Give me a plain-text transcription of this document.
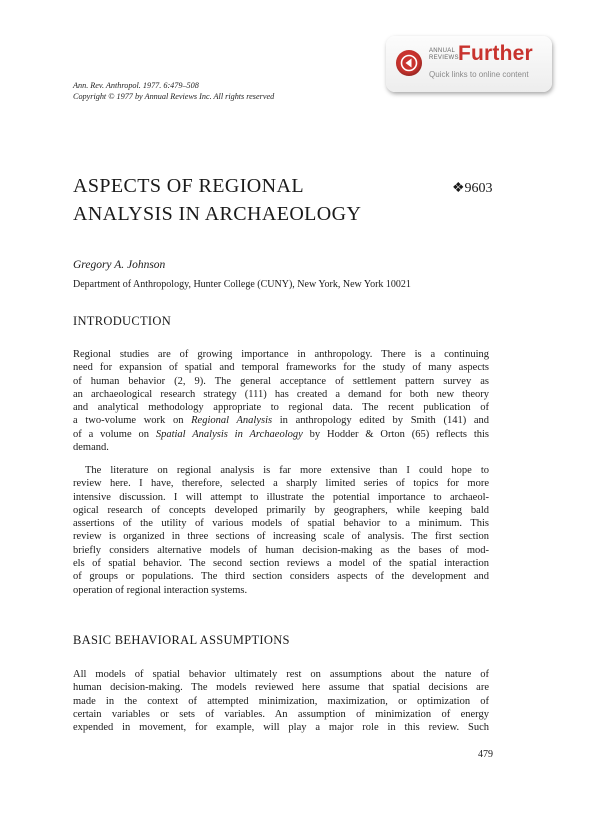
Ann. Rev. Anthropol. 1977. 6:479–508
Copyright © 1977 by Annual Reviews Inc. All rights reserved
ANNUAL
REVIEWS Further
Quick links to online content
ASPECTS OF REGIONAL
ANALYSIS IN ARCHAEOLOGY
❖9603
Gregory A. Johnson
Department of Anthropology, Hunter College (CUNY), New York, New York 10021
INTRODUCTION
Regional studies are of growing importance in anthropology. There is a continuing
need for expansion of spatial and temporal frameworks for the study of many aspects
of human behavior (2, 9). The general acceptance of settlement pattern survey as
an archaeological research strategy (111) has created a demand for both new theory
and analytical methodology appropriate to regional data. The recent publication of
a two-volume work on Regional Analysis in anthropology edited by Smith (141) and
of a volume on Spatial Analysis in Archaeology by Hodder & Orton (65) reflects this
demand.
The literature on regional analysis is far more extensive than I could hope to
review here. I have, therefore, selected a sharply limited series of topics for more
intensive discussion. I will attempt to illustrate the potential importance to archaeol-
ogical research of concepts developed primarily by geographers, while keeping bald
assertions of the utility of various models of spatial behavior to a minimum. This
review is organized in three sections of increasing scale of analysis. The first section
briefly considers alternative models of human decision-making as the bases of mod-
els of spatial behavior. The second section reviews a model of the spatial interaction
of groups or populations. The third section considers aspects of the development and
operation of regional interaction systems.
BASIC BEHAVIORAL ASSUMPTIONS
All models of spatial behavior ultimately rest on assumptions about the nature of
human decision-making. The models reviewed here assume that spatial decisions are
made in the context of attempted minimization, maximization, or optimization of
certain variables or sets of variables. An assumption of minimization of energy
expended in movement, for example, will play a major role in this review. Such
479
